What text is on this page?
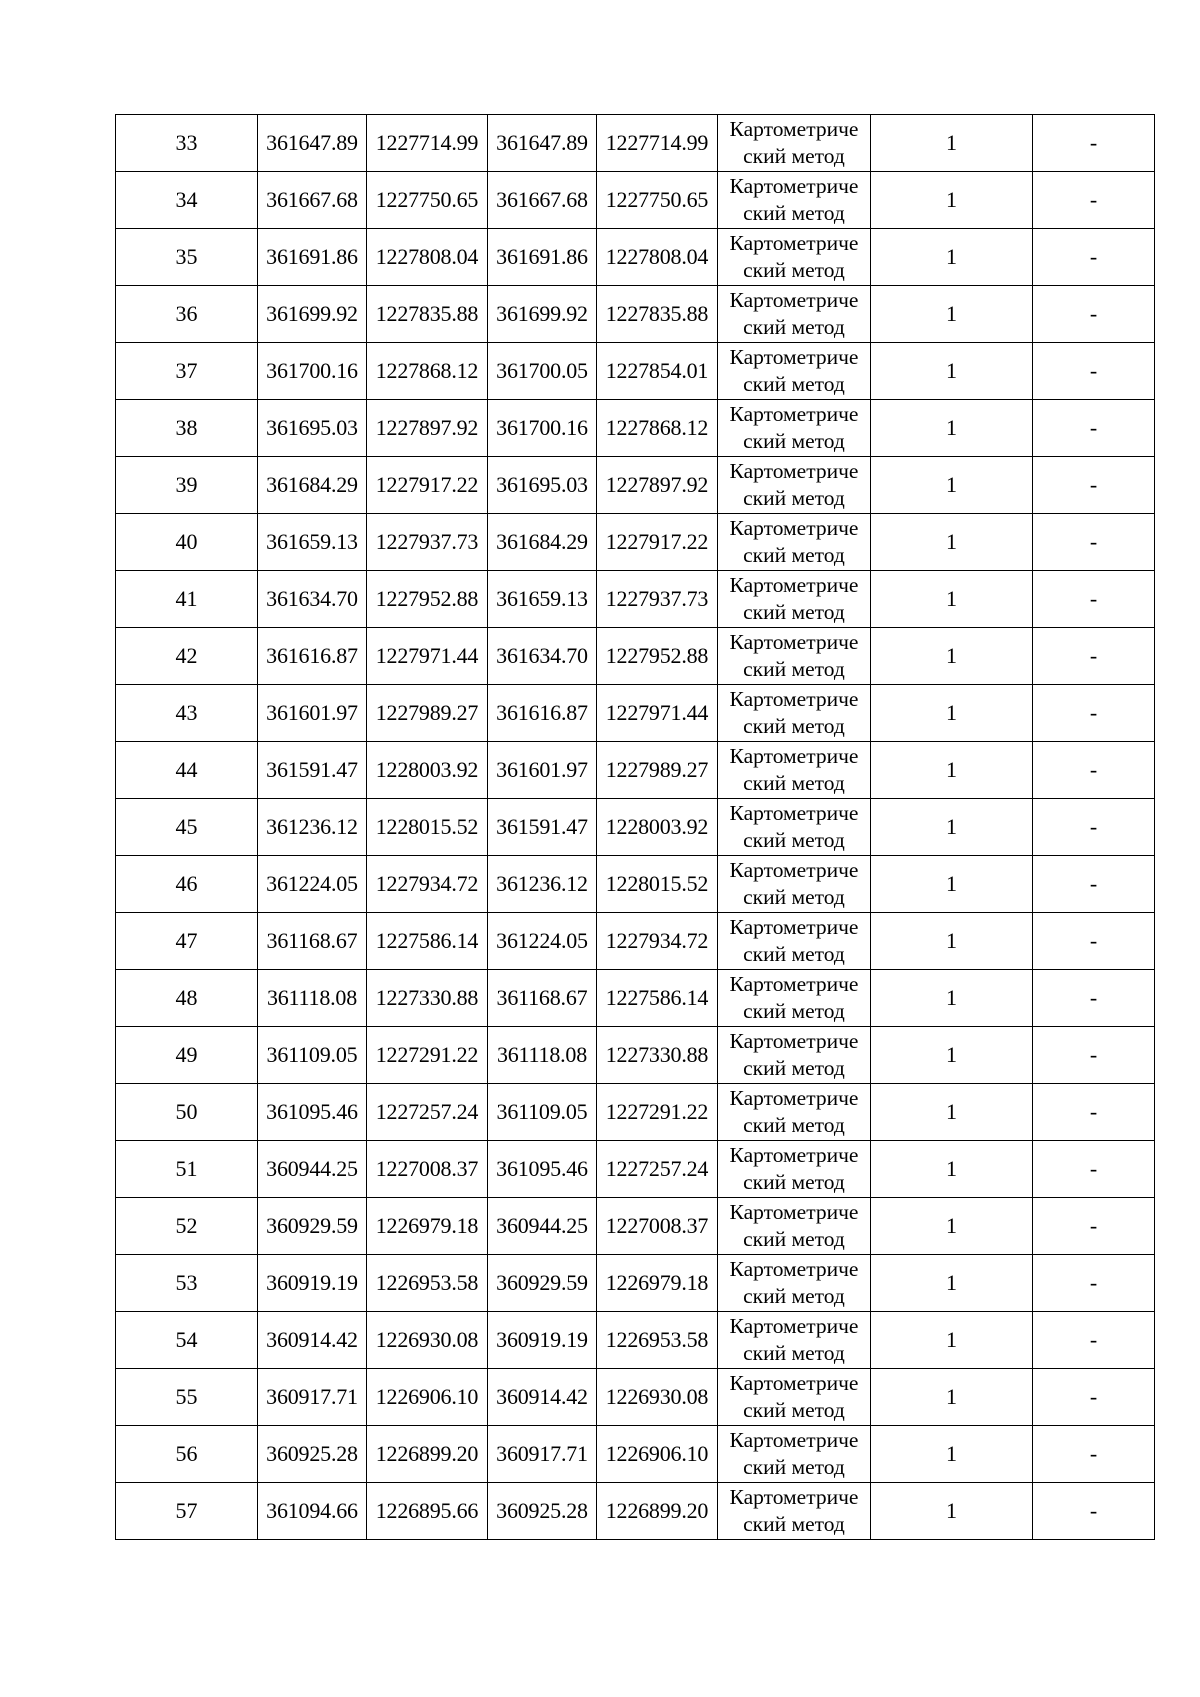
33	361647.89	1227714.99	361647.89	1227714.99	Картометриче
ский метод	1	-
34	361667.68	1227750.65	361667.68	1227750.65	Картометриче
ский метод	1	-
35	361691.86	1227808.04	361691.86	1227808.04	Картометриче
ский метод	1	-
36	361699.92	1227835.88	361699.92	1227835.88	Картометриче
ский метод	1	-
37	361700.16	1227868.12	361700.05	1227854.01	Картометриче
ский метод	1	-
38	361695.03	1227897.92	361700.16	1227868.12	Картометриче
ский метод	1	-
39	361684.29	1227917.22	361695.03	1227897.92	Картометриче
ский метод	1	-
40	361659.13	1227937.73	361684.29	1227917.22	Картометриче
ский метод	1	-
41	361634.70	1227952.88	361659.13	1227937.73	Картометриче
ский метод	1	-
42	361616.87	1227971.44	361634.70	1227952.88	Картометриче
ский метод	1	-
43	361601.97	1227989.27	361616.87	1227971.44	Картометриче
ский метод	1	-
44	361591.47	1228003.92	361601.97	1227989.27	Картометриче
ский метод	1	-
45	361236.12	1228015.52	361591.47	1228003.92	Картометриче
ский метод	1	-
46	361224.05	1227934.72	361236.12	1228015.52	Картометриче
ский метод	1	-
47	361168.67	1227586.14	361224.05	1227934.72	Картометриче
ский метод	1	-
48	361118.08	1227330.88	361168.67	1227586.14	Картометриче
ский метод	1	-
49	361109.05	1227291.22	361118.08	1227330.88	Картометриче
ский метод	1	-
50	361095.46	1227257.24	361109.05	1227291.22	Картометриче
ский метод	1	-
51	360944.25	1227008.37	361095.46	1227257.24	Картометриче
ский метод	1	-
52	360929.59	1226979.18	360944.25	1227008.37	Картометриче
ский метод	1	-
53	360919.19	1226953.58	360929.59	1226979.18	Картометриче
ский метод	1	-
54	360914.42	1226930.08	360919.19	1226953.58	Картометриче
ский метод	1	-
55	360917.71	1226906.10	360914.42	1226930.08	Картометриче
ский метод	1	-
56	360925.28	1226899.20	360917.71	1226906.10	Картометриче
ский метод	1	-
57	361094.66	1226895.66	360925.28	1226899.20	Картометриче
ский метод	1	-
